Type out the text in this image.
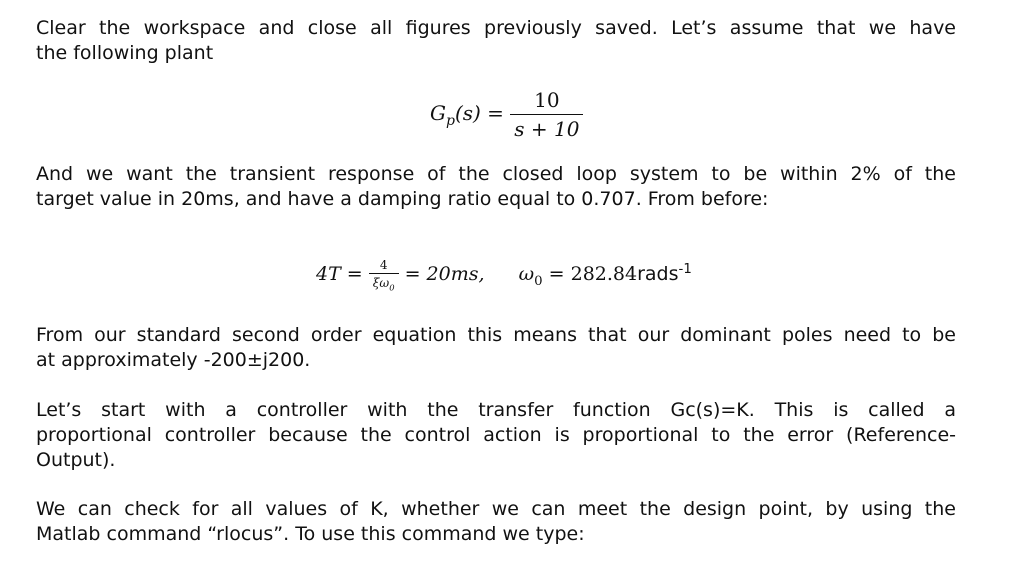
Clear the workspace and close all figures previously saved. Let’s assume that we have
the following plant

$G_p(s) = \frac{10}{s + 10}$

And we want the transient response of the closed loop system to be within 2% of the
target value in 20ms, and have a damping ratio equal to 0.707. From before:

$4T = \frac{4}{\xi\omega_0} = 20ms$, $\omega_0$ = 282.84rads$^{-1}$

From our standard second order equation this means that our dominant poles need to be
at approximately -200±j200.

Let’s start with a controller with the transfer function Gc(s)=K. This is called a
proportional controller because the control action is proportional to the error (Reference-
Output).

We can check for all values of K, whether we can meet the design point, by using the
Matlab command “rlocus”. To use this command we type:
